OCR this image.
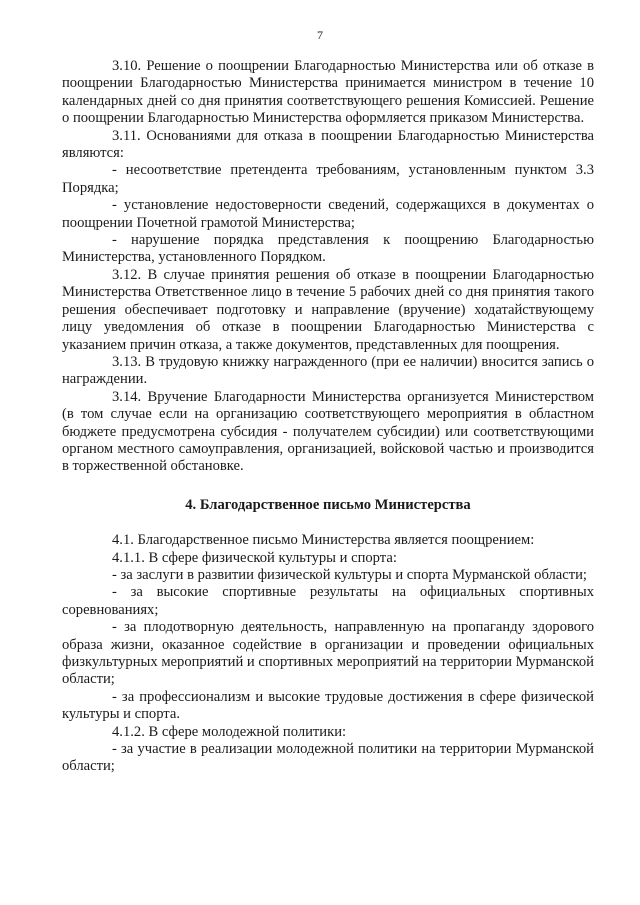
7

3.10. Решение о поощрении Благодарностью Министерства или об отказе в поощрении Благодарностью Министерства принимается министром в течение 10 календарных дней со дня принятия соответствующего решения Комиссией. Решение о поощрении Благодарностью Министерства оформляется приказом Министерства.

3.11. Основаниями для отказа в поощрении Благодарностью Министерства являются:

- несоответствие претендента требованиям, установленным пунктом 3.3 Порядка;

- установление недостоверности сведений, содержащихся в документах о поощрении Почетной грамотой Министерства;

- нарушение порядка представления к поощрению Благодарностью Министерства, установленного Порядком.

3.12. В случае принятия решения об отказе в поощрении Благодарностью Министерства Ответственное лицо в течение 5 рабочих дней со дня принятия такого решения обеспечивает подготовку и направление (вручение) ходатайствующему лицу уведомления об отказе в поощрении Благодарностью Министерства с указанием причин отказа, а также документов, представленных для поощрения.

3.13. В трудовую книжку награжденного (при ее наличии) вносится запись о награждении.

3.14. Вручение Благодарности Министерства организуется Министерством (в том случае если на организацию соответствующего мероприятия в областном бюджете предусмотрена субсидия - получателем субсидии) или соответствующими органом местного самоуправления, организацией, войсковой частью и производится в торжественной обстановке.

4. Благодарственное письмо Министерства

4.1. Благодарственное письмо Министерства является поощрением:

4.1.1. В сфере физической культуры и спорта:

- за заслуги в развитии физической культуры и спорта Мурманской области;

- за высокие спортивные результаты на официальных спортивных соревнованиях;

- за плодотворную деятельность, направленную на пропаганду здорового образа жизни, оказанное содействие в организации и проведении официальных физкультурных мероприятий и спортивных мероприятий на территории Мурманской области;

- за профессионализм и высокие трудовые достижения в сфере физической культуры и спорта.

4.1.2. В сфере молодежной политики:

- за участие в реализации молодежной политики на территории Мурманской области;
